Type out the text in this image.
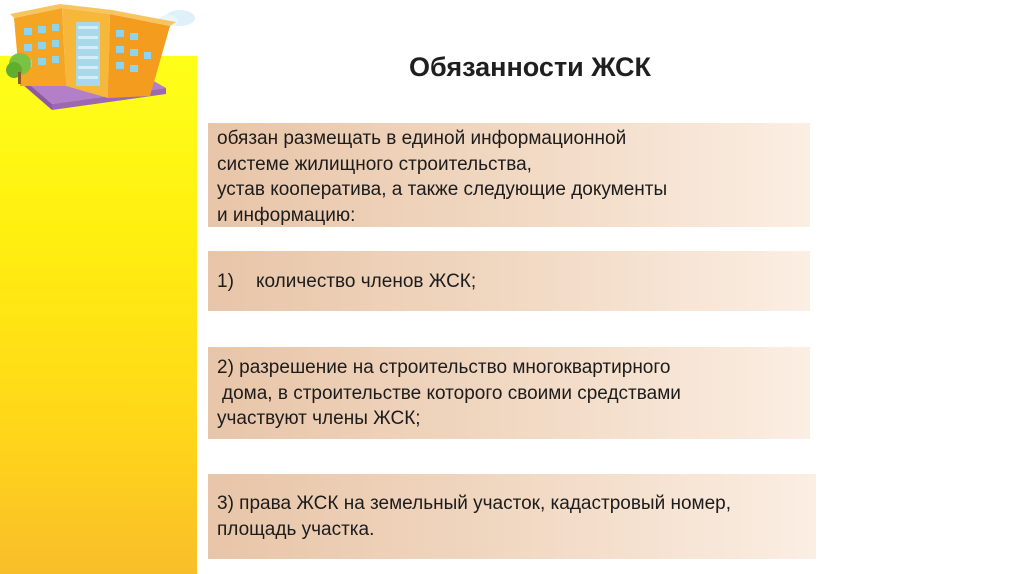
Обязанности ЖСК
обязан размещать в единой информационной
системе жилищного строительства,
устав кооператива, а также следующие документы
и информацию:
1) количество членов ЖСК;
2) разрешение на строительство многоквартирного
дома, в строительстве которого своими средствами
участвуют члены ЖСК;
3) права ЖСК на земельный участок, кадастровый номер,
площадь участка.
